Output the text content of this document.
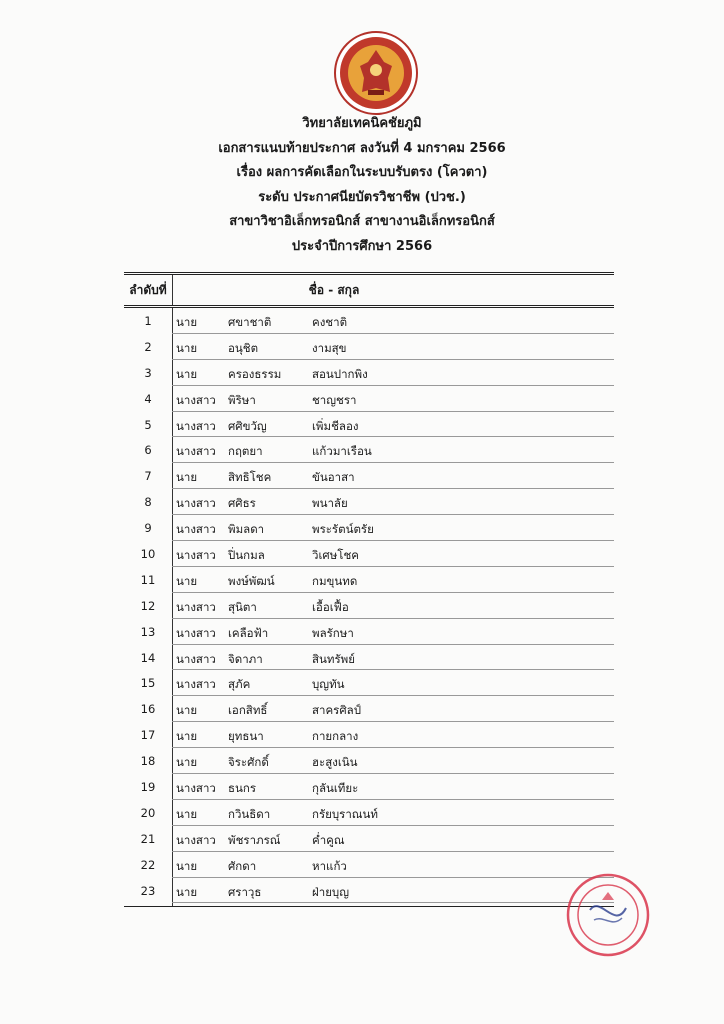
วิทยาลัยเทคนิคชัยภูมิ
เอกสารแนบท้ายประกาศ ลงวันที่ 4 มกราคม 2566
เรื่อง ผลการคัดเลือกในระบบรับตรง (โควตา)
ระดับ ประกาศนียบัตรวิชาชีพ (ปวช.)
สาขาวิชาอิเล็กทรอนิกส์ สาขางานอิเล็กทรอนิกส์
ประจำปีการศึกษา 2566
ลำดับที่	ชื่อ - สกุล
1	นาย	ศขาชาติ	คงชาติ
2	นาย	อนุชิต	งามสุข
3	นาย	ครองธรรม	สอนปากพิง
4	นางสาว พิริษา	ชาญชรา
5	นางสาว ศศิขวัญ	เพิ่มชีลอง
6	นางสาว กฤตยา	แก้วมาเรือน
7	นาย	สิทธิโชค	ขันอาสา
8	นางสาว ศศิธร	พนาลัย
9	นางสาว พิมลดา	พระรัตน์ตรัย
10	นางสาว ปิ่นกมล	วิเศษโชค
11	นาย	พงษ์พัฒน์	กมขุนทด
12	นางสาว สุนิตา	เอื้อเฟื้อ
13	นางสาว เคลือฟ้า	พลรักษา
14	นางสาว จิดาภา	สินทรัพย์
15	นางสาว สุภัค	บุญทัน
16	นาย	เอกสิทธิ์	สาครศิลป์
17	นาย	ยุทธนา	กายกลาง
18	นาย	จิระศักดิ์	ฮะสูงเนิน
19	นางสาว ธนกร	กุลันเทียะ
20	นาย	กวินธิดา	กรัยบุราณนท์
21	นางสาว พัชราภรณ์	ค่ำคูณ
22	นาย	ศักดา	หาแก้ว
23	นาย	ศราวุธ	ฝ่ายบุญ
